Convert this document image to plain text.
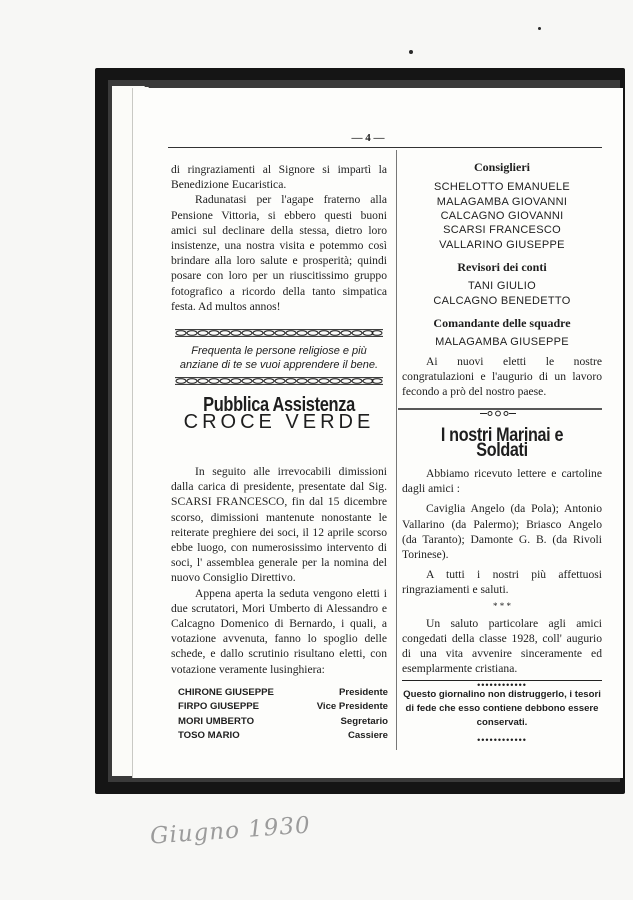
— 4 —

di ringraziamenti al Signore si impartì la Benedizione Eucaristica.

Radunatasi per l'agape fraterno alla Pensione Vittoria, si ebbero questi buoni amici sul declinare della stessa, dietro loro insistenze, una nostra visita e potemmo così brindare alla loro salute e prosperità; quindi posare con loro per un riuscitissimo gruppo fotografico a ricordo della tanto simpatica festa. Ad multos annos!

Frequenta le persone religiose e più
anziane di te se vuoi apprendere il bene.
Pubblica Assistenza
CROCE VERDE

In seguito alle irrevocabili dimissioni dalla carica di presidente, presentate dal Sig. SCARSI FRANCESCO, fin dal 15 dicembre scorso, dimissioni mantenute nonostante le reiterate preghiere dei soci, il 12 aprile scorso ebbe luogo, con numerosissimo intervento di soci, l' assemblea generale per la nomina del nuovo Consiglio Direttivo.

Appena aperta la seduta vengono eletti i due scrutatori, Mori Umberto di Alessandro e Calcagno Domenico di Bernardo, i quali, a votazione avvenuta, fanno lo spoglio delle schede, e dallo scrutinio risultano eletti, con votazione veramente lusinghiera:

CHIRONE GIUSEPPE	Presidente
FIRPO GIUSEPPE	Vice Presidente
MORI UMBERTO	Segretario
TOSO MARIO	Cassiere
Consiglieri
SCHELOTTO EMANUELE
MALAGAMBA GIOVANNI
CALCAGNO GIOVANNI
SCARSI FRANCESCO
VALLARINO GIUSEPPE
Revisori dei conti
TANI GIULIO
CALCAGNO BENEDETTO
Comandante delle squadre
MALAGAMBA GIUSEPPE

Ai nuovi eletti le nostre congratulazioni e l'augurio di un lavoro fecondo a prò del nostro paese.

I nostri Marinai e Soldati

Abbiamo ricevuto lettere e cartoline dagli amici :

Caviglia Angelo (da Pola); Antonio Vallarino (da Palermo); Briasco Angelo (da Taranto); Damonte G. B. (da Rivoli Torinese).

A tutti i nostri più affettuosi ringraziamenti e saluti.

* * *

Un saluto particolare agli amici congedati della classe 1928, coll' augurio di una vita avvenire sinceramente ed esemplarmente cristiana.

••••••••••••
Questo giornalino non distruggerlo, i tesori di fede che esso contiene debbono essere conservati.
••••••••••••
Giugno 1930
